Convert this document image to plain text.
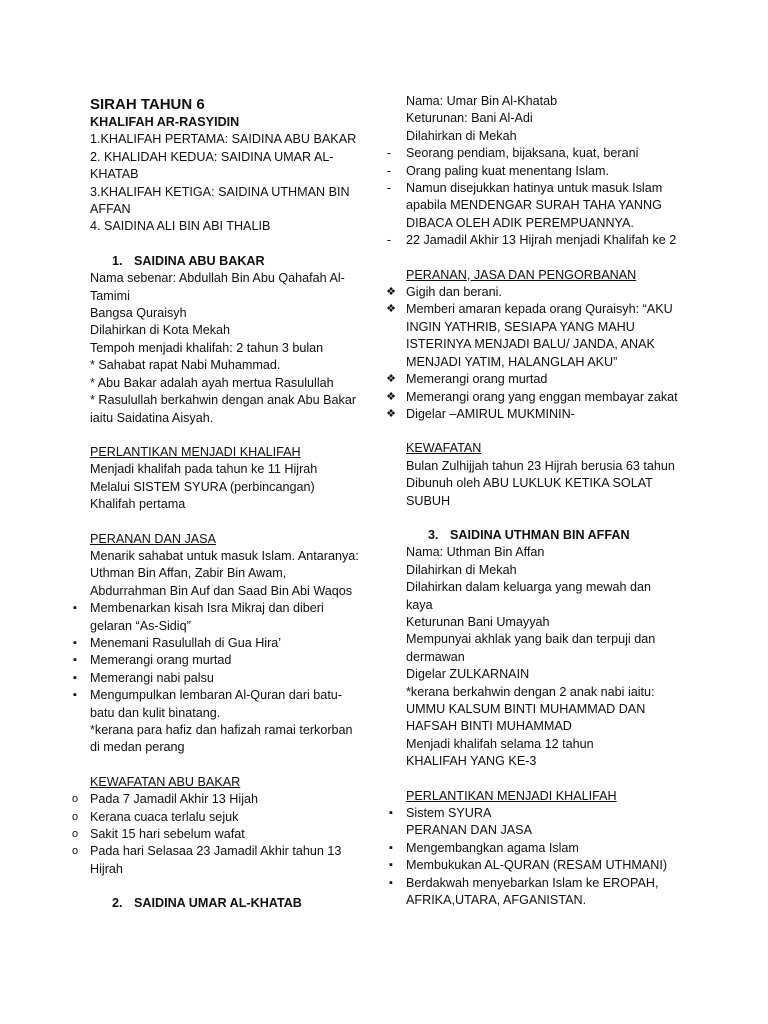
SIRAH TAHUN 6
KHALIFAH AR-RASYIDIN
1.KHALIFAH PERTAMA: SAIDINA ABU BAKAR
2. KHALIDAH KEDUA: SAIDINA UMAR AL-
KHATAB
3.KHALIFAH KETIGA: SAIDINA UTHMAN BIN
AFFAN
4. SAIDINA ALI BIN ABI THALIB
1. SAIDINA ABU BAKAR
Nama sebenar: Abdullah Bin Abu Qahafah Al-
Tamimi
Bangsa Quraisyh
Dilahirkan di Kota Mekah
Tempoh menjadi khalifah: 2 tahun 3 bulan
* Sahabat rapat Nabi Muhammad.
* Abu Bakar adalah ayah mertua Rasulullah
* Rasulullah berkahwin dengan anak Abu Bakar
iaitu Saidatina Aisyah.
PERLANTIKAN MENJADI KHALIFAH
Menjadi khalifah pada tahun ke 11 Hijrah
Melalui SISTEM SYURA (perbincangan)
Khalifah pertama
PERANAN DAN JASA
Menarik sahabat untuk masuk Islam. Antaranya:
Uthman Bin Affan, Zabir Bin Awam,
Abdurrahman Bin Auf dan Saad Bin Abi Waqos
▪	Membenarkan kisah Isra Mikraj dan diberi
gelaran “As-Sidiq”
▪	Menemani Rasulullah di Gua Hira’
▪	Memerangi orang murtad
▪	Memerangi nabi palsu
▪	Mengumpulkan lembaran Al-Quran dari batu-
batu dan kulit binatang.
*kerana para hafiz dan hafizah ramai terkorban
di medan perang
KEWAFATAN ABU BAKAR
o Pada 7 Jamadil Akhir 13 Hijah
o Kerana cuaca terlalu sejuk
o Sakit 15 hari sebelum wafat
o Pada hari Selasaa 23 Jamadil Akhir tahun 13
Hijrah
2. SAIDINA UMAR AL-KHATAB
Nama: Umar Bin Al-Khatab
Keturunan: Bani Al-Adi
Dilahirkan di Mekah
- Seorang pendiam, bijaksana, kuat, berani
- Orang paling kuat menentang Islam.
- Namun disejukkan hatinya untuk masuk Islam
apabila MENDENGAR SURAH TAHA YANNG
DIBACA OLEH ADIK PEREMPUANNYA.
- 22 Jamadil Akhir 13 Hijrah menjadi Khalifah ke 2
PERANAN, JASA DAN PENGORBANAN
❖ Gigih dan berani.
❖ Memberi amaran kepada orang Quraisyh: “AKU
INGIN YATHRIB, SESIAPA YANG MAHU
ISTERINYA MENJADI BALU/ JANDA, ANAK
MENJADI YATIM, HALANGLAH AKU”
❖ Memerangi orang murtad
❖ Memerangi orang yang enggan membayar zakat
❖ Digelar –AMIRUL MUKMININ-
KEWAFATAN
Bulan Zulhijjah tahun 23 Hijrah berusia 63 tahun
Dibunuh oleh ABU LUKLUK KETIKA SOLAT
SUBUH
3. SAIDINA UTHMAN BIN AFFAN
Nama: Uthman Bin Affan
Dilahirkan di Mekah
Dilahirkan dalam keluarga yang mewah dan
kaya
Keturunan Bani Umayyah
Mempunyai akhlak yang baik dan terpuji dan
dermawan
Digelar ZULKARNAIN
*kerana berkahwin dengan 2 anak nabi iaitu:
UMMU KALSUM BINTI MUHAMMAD DAN
HAFSAH BINTI MUHAMMAD
Menjadi khalifah selama 12 tahun
KHALIFAH YANG KE-3
PERLANTIKAN MENJADI KHALIFAH
▪	Sistem SYURA
PERANAN DAN JASA
▪	Mengembangkan agama Islam
▪	Membukukan AL-QURAN (RESAM UTHMANI)
▪	Berdakwah menyebarkan Islam ke EROPAH,
AFRIKA,UTARA, AFGANISTAN.
